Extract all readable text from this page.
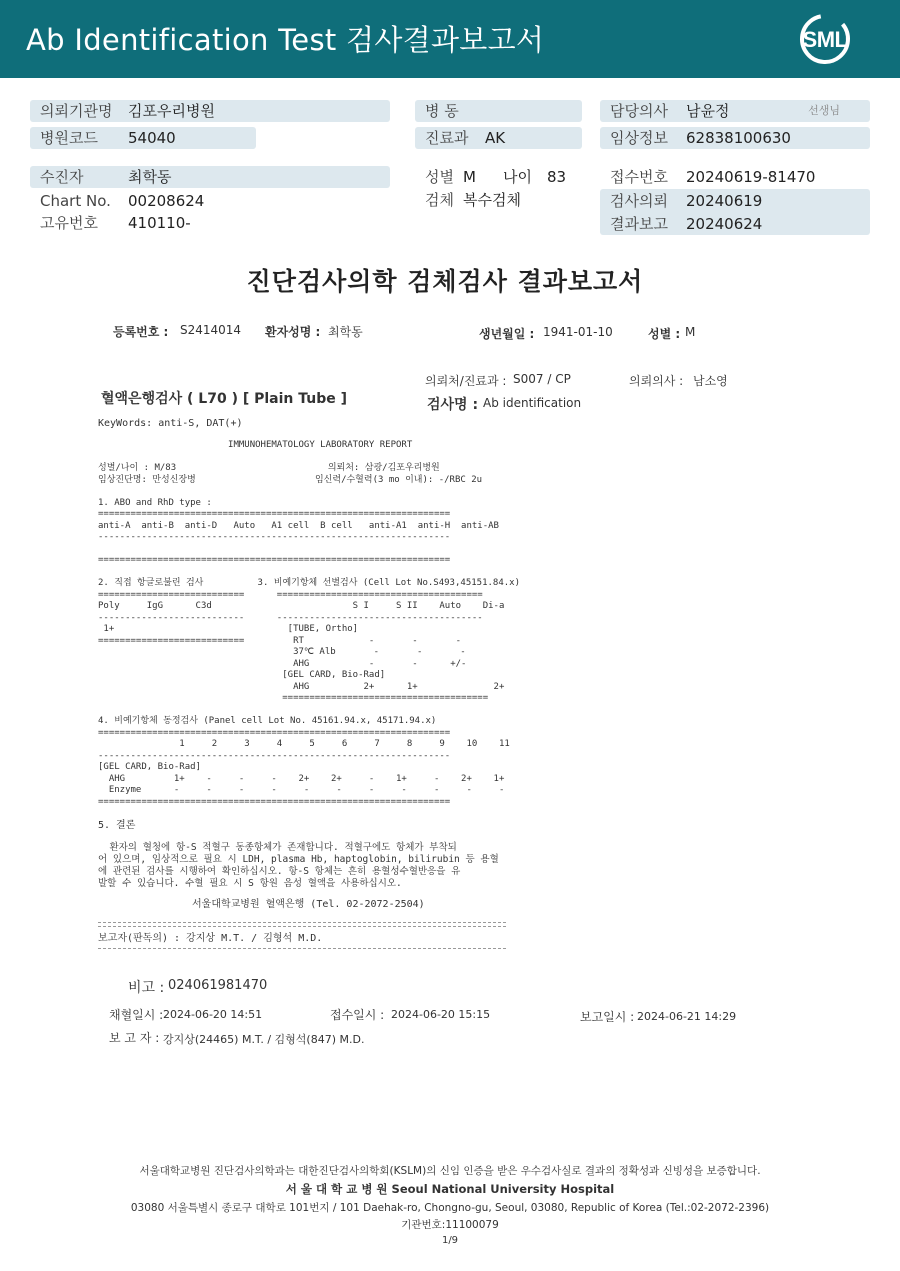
Ab Identification Test 검사결과보고서	SML
의뢰기관명 김포우리병원
병원코드 54040
수진자	최학동
Chart No. 00208624
고유번호 410110-
병 동
진료과 AK
성별 M 나이 83
검체 복수검체
담당의사 남윤정	선생님
임상정보 62838100630
접수번호 20240619-81470
검사의뢰 20240619
결과보고 20240624
진단검사의학 검체검사 결과보고서
등록번호 : S2414014 환자성명 : 최학동	생년월일 : 1941-01-10	성별 : M
의뢰처/진료과 : S007 / CP	의뢰의사 : 남소영
혈액은행검사 ( L70 ) [ Plain Tube ]	검사명 : Ab identification
KeyWords: anti-S, DAT(+)
IMMUNOHEMATOLOGY LABORATORY REPORT
성별/나이 : M/83                            의뢰처: 삼광/김포우리병원
임상진단명: 만성신장병                      임신력/수혈력(3 mo 이내): -/RBC 2u
1. ABO and RhD type :
=================================================================
anti-A  anti-B  anti-D   Auto   A1 cell  B cell   anti-A1  anti-H  anti-AB
-----------------------------------------------------------------
=================================================================
2. 직접 항글로불린 검사          3. 비예기항체 선별검사 (Cell Lot No.S493,45151.84.x)
===========================      ======================================
Poly     IgG      C3d                          S I     S II    Auto    Di-a
---------------------------      --------------------------------------
1+                                [TUBE, Ortho]
===========================         RT            -       -       -
37℃ Alb       -       -       -
AHG           -       -      +/-
[GEL CARD, Bio-Rad]
AHG          2+      1+              2+
======================================
4. 비예기항체 동정검사 (Panel cell Lot No. 45161.94.x, 45171.94.x)
=================================================================
1     2     3     4     5     6     7     8     9    10    11
-----------------------------------------------------------------
[GEL CARD, Bio-Rad]
AHG         1+    -     -     -    2+    2+     -    1+     -    2+    1+
Enzyme      -     -     -     -     -     -     -     -     -     -     -
=================================================================
5. 결론
환자의 혈청에 항-S 적혈구 동종항체가 존재합니다. 적혈구에도 항체가 부착되
어 있으며, 임상적으로 필요 시 LDH, plasma Hb, haptoglobin, bilirubin 등 용혈
에 관련된 검사를 시행하여 확인하십시오. 항-S 항체는 흔히 용혈성수혈반응을 유
발할 수 있습니다. 수혈 필요 시 S 항원 음성 혈액을 사용하십시오.
서울대학교병원 혈액은행 (Tel. 02-2072-2504)
보고자(판독의) : 강지상 M.T. / 김형석 M.D.
비고 : 024061981470
채혈일시 : 2024-06-20 14:51	접수일시 : 2024-06-20 15:15	보고일시 : 2024-06-21 14:29
보 고 자 : 강지상(24465) M.T. / 김형석(847) M.D.
서울대학교병원 진단검사의학과는 대한진단검사의학회(KSLM)의 신임 인증을 받은 우수검사실로 결과의 정확성과 신빙성을 보증합니다.
서 울 대 학 교 병 원 Seoul National University Hospital
03080 서울특별시 종로구 대학로 101번지 / 101 Daehak-ro, Chongno-gu, Seoul, 03080, Republic of Korea (Tel.:02-2072-2396)
기관번호:11100079
1/9
